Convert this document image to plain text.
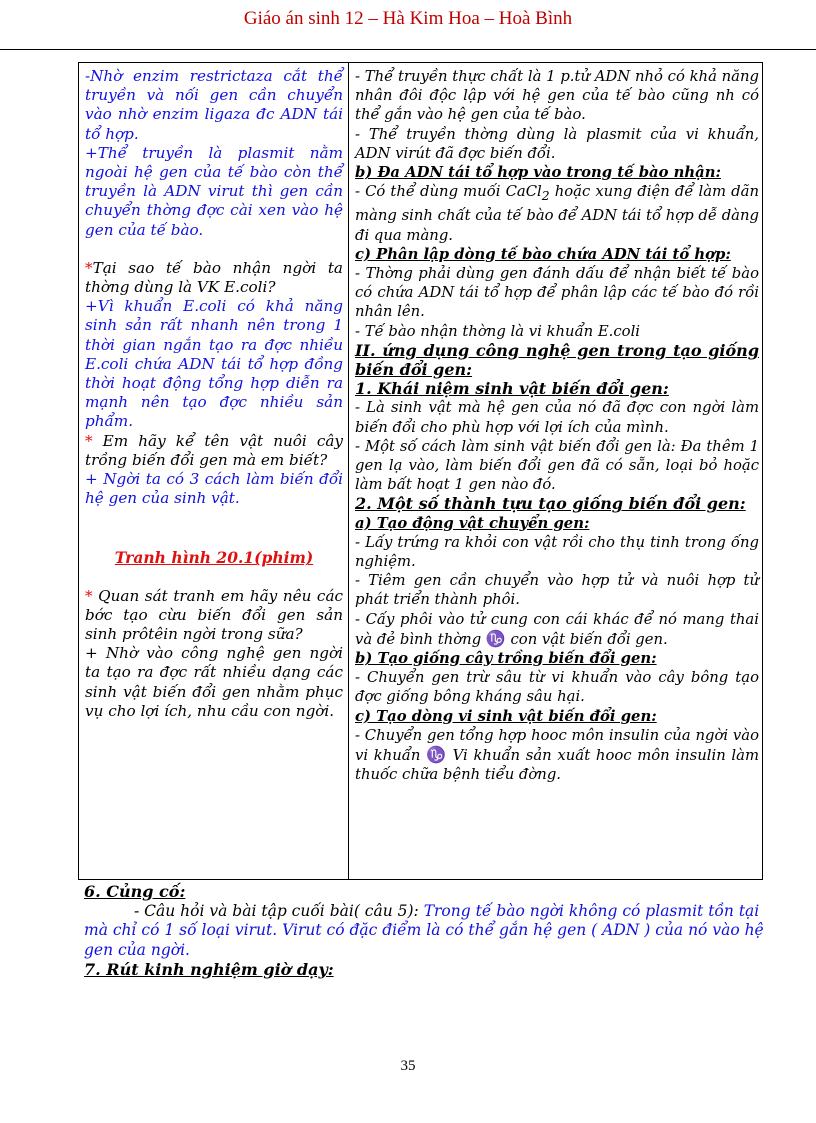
Giáo án sinh 12 – Hà Kim Hoa – Hoà Bình

-Nhờ enzim restrictaza cắt thể truyền và nối gen cần chuyển vào nhờ enzim ligaza đc ADN tái tổ hợp.

+Thể truyền là plasmit nằm ngoài hệ gen của tế bào còn thể truyền là ADN virut thì gen cần chuyển thờng đợc cài xen vào hệ gen của tế bào.

*Tại sao tế bào nhận ngời ta thờng dùng là VK E.coli?

+Vì khuẩn E.coli có khả năng sinh sản rất nhanh nên trong 1 thời gian ngắn tạo ra đợc nhiều E.coli chứa ADN tái tổ hợp đồng thời hoạt động tổng hợp diễn ra mạnh nên tạo đợc nhiều sản phẩm.

* Em hãy kể tên vật nuôi cây trồng biến đổi gen mà em biết?

+ Ngời ta có 3 cách làm biến đổi hệ gen của sinh vật.

Tranh hình 20.1(phim)

* Quan sát tranh em hãy nêu các bớc tạo cừu biến đổi gen sản sinh prôtêin ngời trong sữa?

+ Nhờ vào công nghệ gen ngời ta tạo ra đợc rất nhiều dạng các sinh vật biến đổi gen nhằm phục vụ cho lợi ích, nhu cầu con ngời.

- Thể truyền thực chất là 1 p.tử ADN nhỏ có khả năng nhân đôi độc lập với hệ gen của tế bào cũng nh có thể gắn vào hệ gen của tế bào.

- Thể truyền thờng dùng là plasmit của vi khuẩn, ADN virút đã đợc biến đổi.

b) Đa ADN tái tổ hợp vào trong tế bào nhận:

- Có thể dùng muối CaCl$_2$ hoặc xung điện để làm dãn màng sinh chất của tế bào để ADN tái tổ hợp dễ dàng đi qua màng.

c) Phân lập dòng tế bào chứa ADN tái tổ hợp:

- Thờng phải dùng gen đánh dấu để nhận biết tế bào có chứa ADN tái tổ hợp để phân lập các tế bào đó rồi nhân lên.

- Tế bào nhận thờng là vi khuẩn E.coli

II. ứng dụng công nghệ gen trong tạo giống biến đổi gen:

1. Khái niệm sinh vật biến đổi gen:

- Là sinh vật mà hệ gen của nó đã đợc con ngời làm biến đổi cho phù hợp với lợi ích của mình.

- Một số cách làm sinh vật biến đổi gen là: Đa thêm 1 gen lạ vào, làm biến đổi gen đã có sẵn, loại bỏ hoặc làm bất hoạt 1 gen nào đó.

2. Một số thành tựu tạo giống biến đổi gen:

a) Tạo động vật chuyển gen:

- Lấy trứng ra khỏi con vật rồi cho thụ tinh trong ống nghiệm.

- Tiêm gen cần chuyển vào hợp tử và nuôi hợp tử phát triển thành phôi.

- Cấy phôi vào tử cung con cái khác để nó mang thai và đẻ bình thờng ♑ con vật biến đổi gen.

b) Tạo giống cây trồng biến đổi gen:

- Chuyển gen trừ sâu từ vi khuẩn vào cây bông tạo đợc giống bông kháng sâu hại.

c) Tạo dòng vi sinh vật biến đổi gen:

- Chuyển gen tổng hợp hooc môn insulin của ngời vào vi khuẩn ♑ Vi khuẩn sản xuất hooc môn insulin làm thuốc chữa bệnh tiểu đờng.

6. Củng cố:

- Câu hỏi và bài tập cuối bài( câu 5): Trong tế bào ngời không có plasmit tồn tại mà chỉ có 1 số loại virut. Virut có đặc điểm là có thể gắn hệ gen ( ADN ) của nó vào hệ gen của ngời.

7. Rút kinh nghiệm giờ dạy:

35
